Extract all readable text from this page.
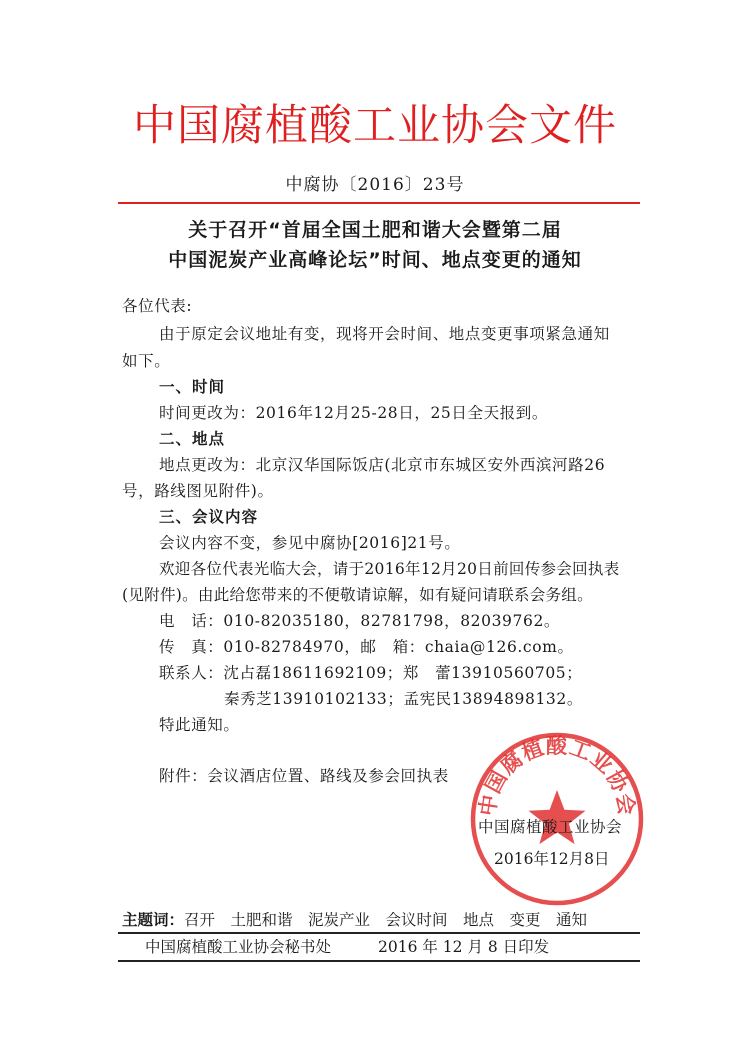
中国腐植酸工业协会文件
中腐协〔2016〕23号
关于召开“首届全国土肥和谐大会暨第二届
中国泥炭产业高峰论坛”时间、地点变更的通知
各位代表:
由于原定会议地址有变，现将开会时间、地点变更事项紧急通知
如下。
一、时间
时间更改为：2016年12月25-28日，25日全天报到。
二、地点
地点更改为：北京汉华国际饭店(北京市东城区安外西滨河路26
号，路线图见附件)。
三、会议内容
会议内容不变，参见中腐协[2016]21号。
欢迎各位代表光临大会，请于2016年12月20日前回传参会回执表
(见附件)。由此给您带来的不便敬请谅解，如有疑问请联系会务组。
电　话：010-82035180，82781798，82039762。
传　真：010-82784970，邮　箱：chaia@126.com。
联系人：沈占磊18611692109；郑　蕾13910560705；
秦秀芝13910102133；孟宪民13894898132。
特此通知。
附件：会议酒店位置、路线及参会回执表
中国腐植酸工业协会
中国腐植酸工业协会
2016年12月8日
主题词：召开　土肥和谐　泥炭产业　会议时间　地点　变更　通知
中国腐植酸工业协会秘书处	2016 年 12 月 8 日印发
